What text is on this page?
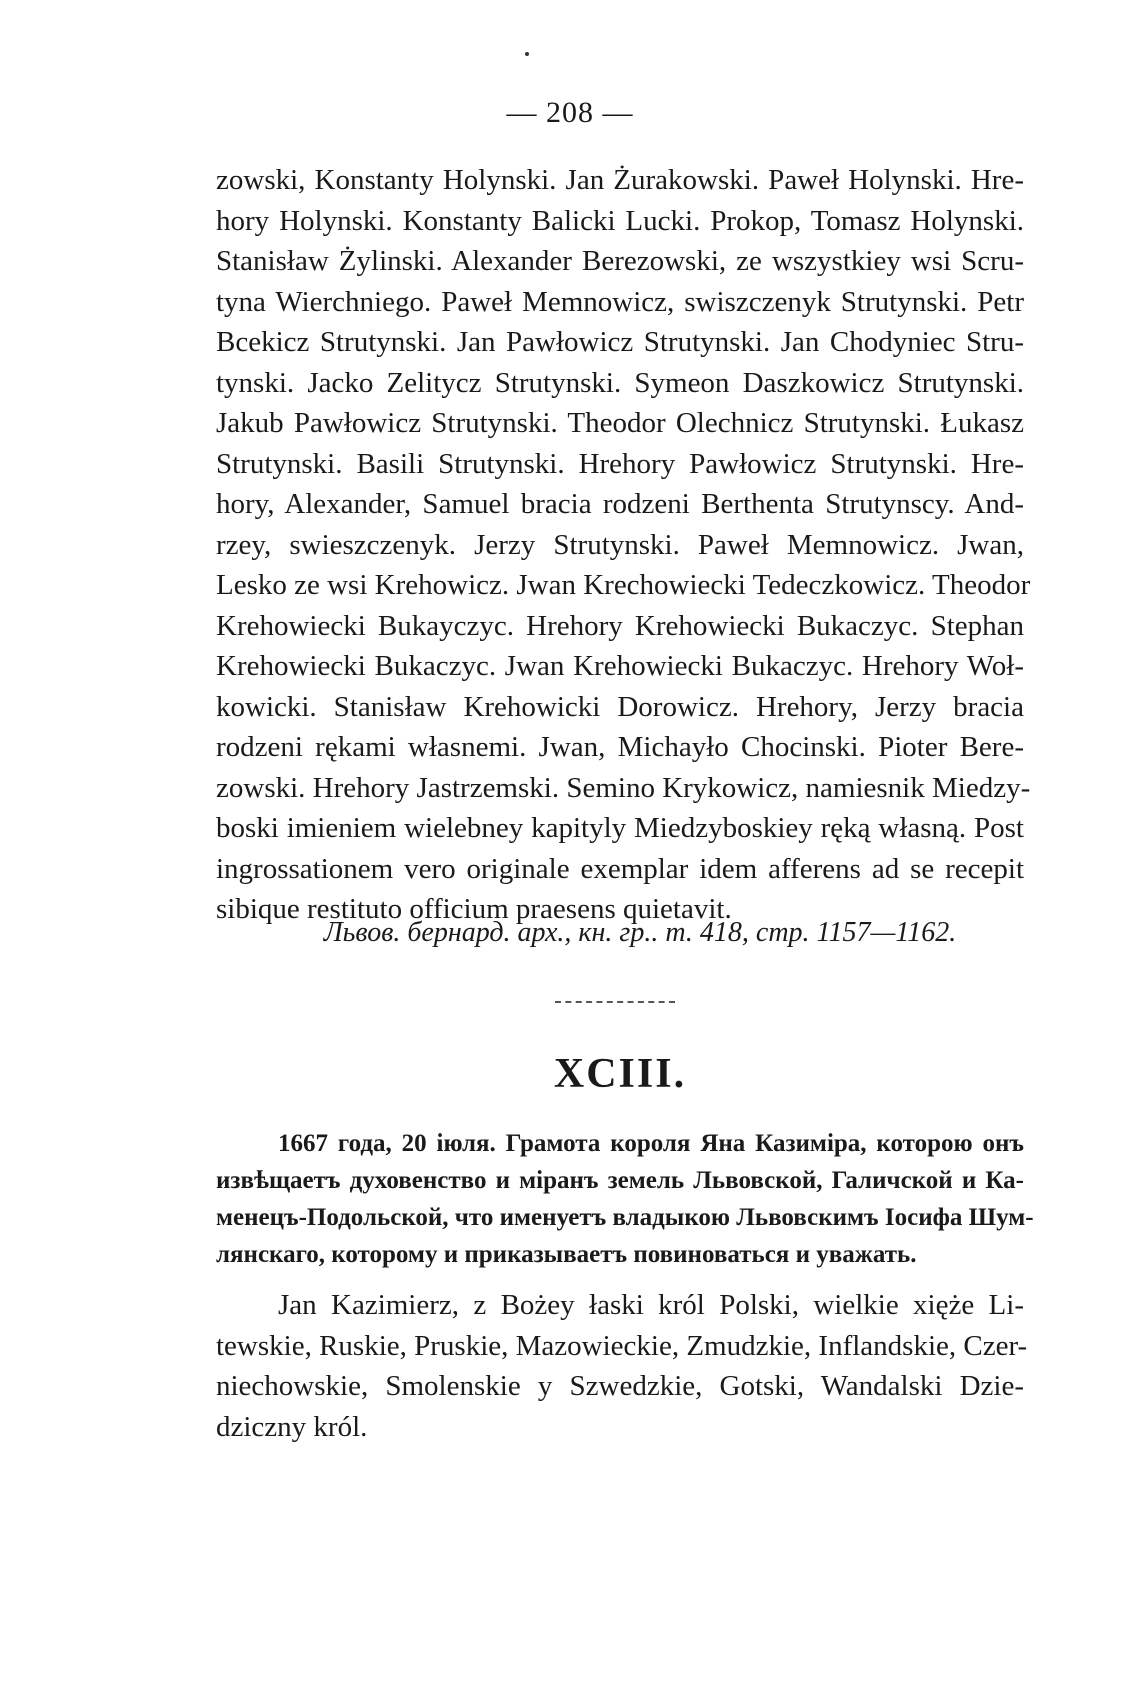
— 208 —
zowski, Konstanty Holynski. Jan Żurakowski. Paweł Holynski. Hre-
hory Holynski. Konstanty Balicki Lucki. Prokop, Tomasz Holynski.
Stanisław Żylinski. Alexander Berezowski, ze wszystkiey wsi Scru-
tyna Wierchniego. Paweł Memnowicz, swiszczenyk Strutynski. Petr
Bcekicz Strutynski. Jan Pawłowicz Strutynski. Jan Chodyniec Stru-
tynski. Jacko Zelitycz Strutynski. Symeon Daszkowicz Strutynski.
Jakub Pawłowicz Strutynski. Theodor Olechnicz Strutynski. Łukasz
Strutynski. Basili Strutynski. Hrehory Pawłowicz Strutynski. Hre-
hory, Alexander, Samuel bracia rodzeni Berthenta Strutynscy. And-
rzey, swieszczenyk. Jerzy Strutynski. Paweł Memnowicz. Jwan,
Lesko ze wsi Krehowicz. Jwan Krechowiecki Tedeczkowicz. Theodor
Krehowiecki Bukayczyc. Hrehory Krehowiecki Bukaczyc. Stephan
Krehowiecki Bukaczyc. Jwan Krehowiecki Bukaczyc. Hrehory Woł-
kowicki. Stanisław Krehowicki Dorowicz. Hrehory, Jerzy bracia
rodzeni rękami własnemi. Jwan, Michayło Chocinski. Pioter Bere-
zowski. Hrehory Jastrzemski. Semino Krykowicz, namiesnik Miedzy-
boski imieniem wielebney kapityly Miedzyboskiey ręką własną. Post
ingrossationem vero originale exemplar idem afferens ad se recepit
sibique restituto officium praesens quietavit.
Львов. бернард. арх., кн. гр.. т. 418, стр. 1157—1162.
XCIII.
1667 года, 20 іюля. Грамота короля Яна Казиміра, которою онъ
извѣщаетъ духовенство и міранъ земель Львовской, Галичской и Ка-
менецъ-Подольской, что именуетъ владыкою Львовскимъ Іосифа Шум-
лянскаго, которому и приказываетъ повиноваться и уважать.
Jan Kazimierz, z Bożey łaski król Polski, wielkie xięże Li-
tewskie, Ruskie, Pruskie, Mazowieckie, Zmudzkie, Inflandskie, Czer-
niechowskie, Smolenskie y Szwedzkie, Gotski, Wandalski Dzie-
dziczny król.
